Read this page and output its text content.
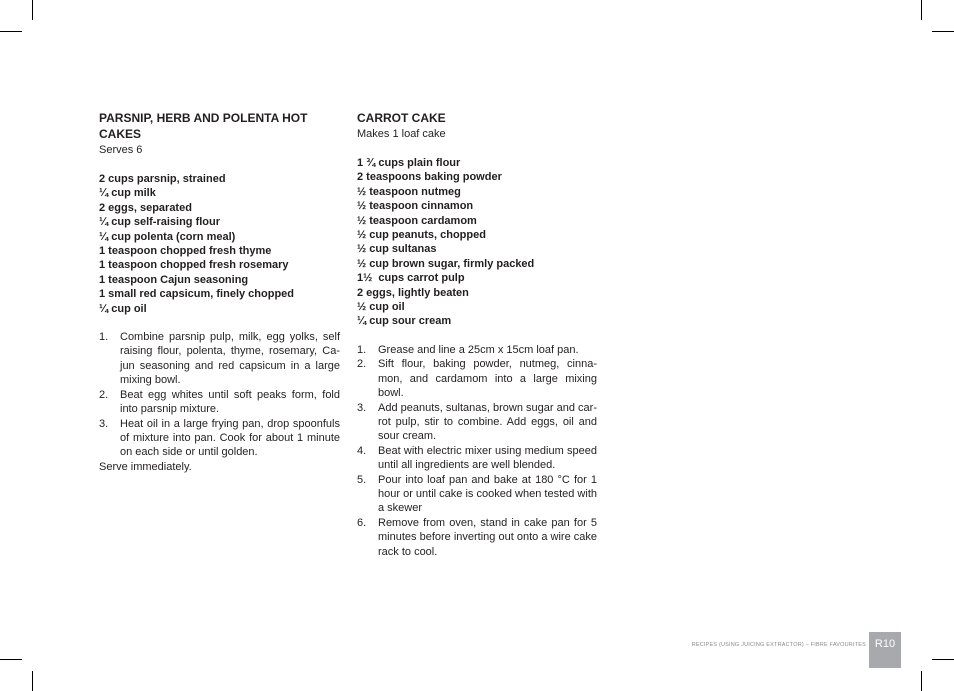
PARSNIP, HERB AND POLENTA HOT CAKES

Serves 6

2 cups parsnip, strained
¼ cup milk
2 eggs, separated
¼ cup self-raising flour
¼ cup polenta (corn meal)
1 teaspoon chopped fresh thyme
1 teaspoon chopped fresh rosemary
1 teaspoon Cajun seasoning
1 small red capsicum, finely chopped
¼ cup oil
1.	Combine parsnip pulp, milk, egg yolks, self raising flour, polenta, thyme, rosemary, Ca-jun seasoning and red capsicum in a large mixing bowl.
2.	Beat egg whites until soft peaks form, fold into parsnip mixture.
3.	Heat oil in a large frying pan, drop spoonfuls of mixture into pan. Cook for about 1 minute on each side or until golden.

Serve immediately.

CARROT CAKE

Makes 1 loaf cake

1 ¾ cups plain flour
2 teaspoons baking powder
½ teaspoon nutmeg
½ teaspoon cinnamon
½ teaspoon cardamom
½ cup peanuts, chopped
½ cup sultanas
½ cup brown sugar, firmly packed
1½  cups carrot pulp
2 eggs, lightly beaten
½ cup oil
¼ cup sour cream
1.	Grease and line a 25cm x 15cm loaf pan.
2.	Sift flour, baking powder, nutmeg, cinna-mon, and cardamom into a large mixing bowl.
3.	Add peanuts, sultanas, brown sugar and car-rot pulp, stir to combine. Add eggs, oil and sour cream.
4.	Beat with electric mixer using medium speed until all ingredients are well blended.
5.	Pour into loaf pan and bake at 180 °C for 1 hour or until cake is cooked when tested with a skewer
6.	Remove from oven, stand in cake pan for 5 minutes before inverting out onto a wire cake rack to cool.
RECIPES (USING JUICING EXTRACTOR) – FIBRE FAVOURITES R10
